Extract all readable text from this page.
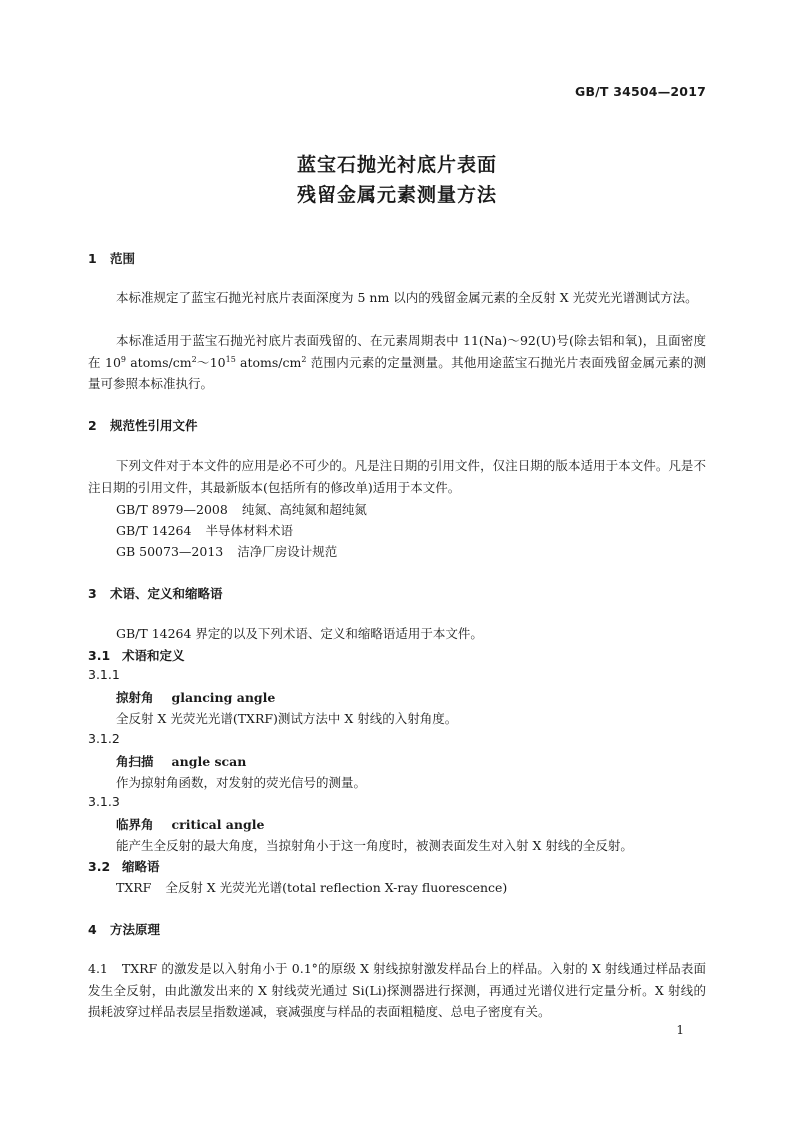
GB/T 34504—2017
蓝宝石抛光衬底片表面
残留金属元素测量方法
1 范围
本标准规定了蓝宝石抛光衬底片表面深度为 5 nm 以内的残留金属元素的全反射 X 光荧光光谱测试方法。
本标准适用于蓝宝石抛光衬底片表面残留的、在元素周期表中 11(Na)～92(U)号(除去铝和氧)，且面密度在 $10^9$ atoms/$cm^2\sim 10^{15}$ atoms/$cm^2$ 范围内元素的定量测量。其他用途蓝宝石抛光片表面残留金属元素的测量可参照本标准执行。
2 规范性引用文件
下列文件对于本文件的应用是必不可少的。凡是注日期的引用文件，仅注日期的版本适用于本文件。凡是不注日期的引用文件，其最新版本(包括所有的修改单)适用于本文件。
GB/T 8979—2008 纯氮、高纯氮和超纯氮
GB/T 14264 半导体材料术语
GB 50073—2013 洁净厂房设计规范
3 术语、定义和缩略语
GB/T 14264 界定的以及下列术语、定义和缩略语适用于本文件。
3.1 术语和定义
3.1.1
掠射角 glancing angle
全反射 X 光荧光光谱(TXRF)测试方法中 X 射线的入射角度。
3.1.2
角扫描 angle scan
作为掠射角函数，对发射的荧光信号的测量。
3.1.3
临界角 critical angle
能产生全反射的最大角度，当掠射角小于这一角度时，被测表面发生对入射 X 射线的全反射。
3.2 缩略语
TXRF 全反射 X 光荧光光谱(total reflection X-ray fluorescence)
4 方法原理
4.1 TXRF 的激发是以入射角小于 0.1°的原级 X 射线掠射激发样品台上的样品。入射的 X 射线通过样品表面发生全反射，由此激发出来的 X 射线荧光通过 Si(Li)探测器进行探测，再通过光谱仪进行定量分析。X 射线的损耗波穿过样品表层呈指数递减，衰减强度与样品的表面粗糙度、总电子密度有关。
1
